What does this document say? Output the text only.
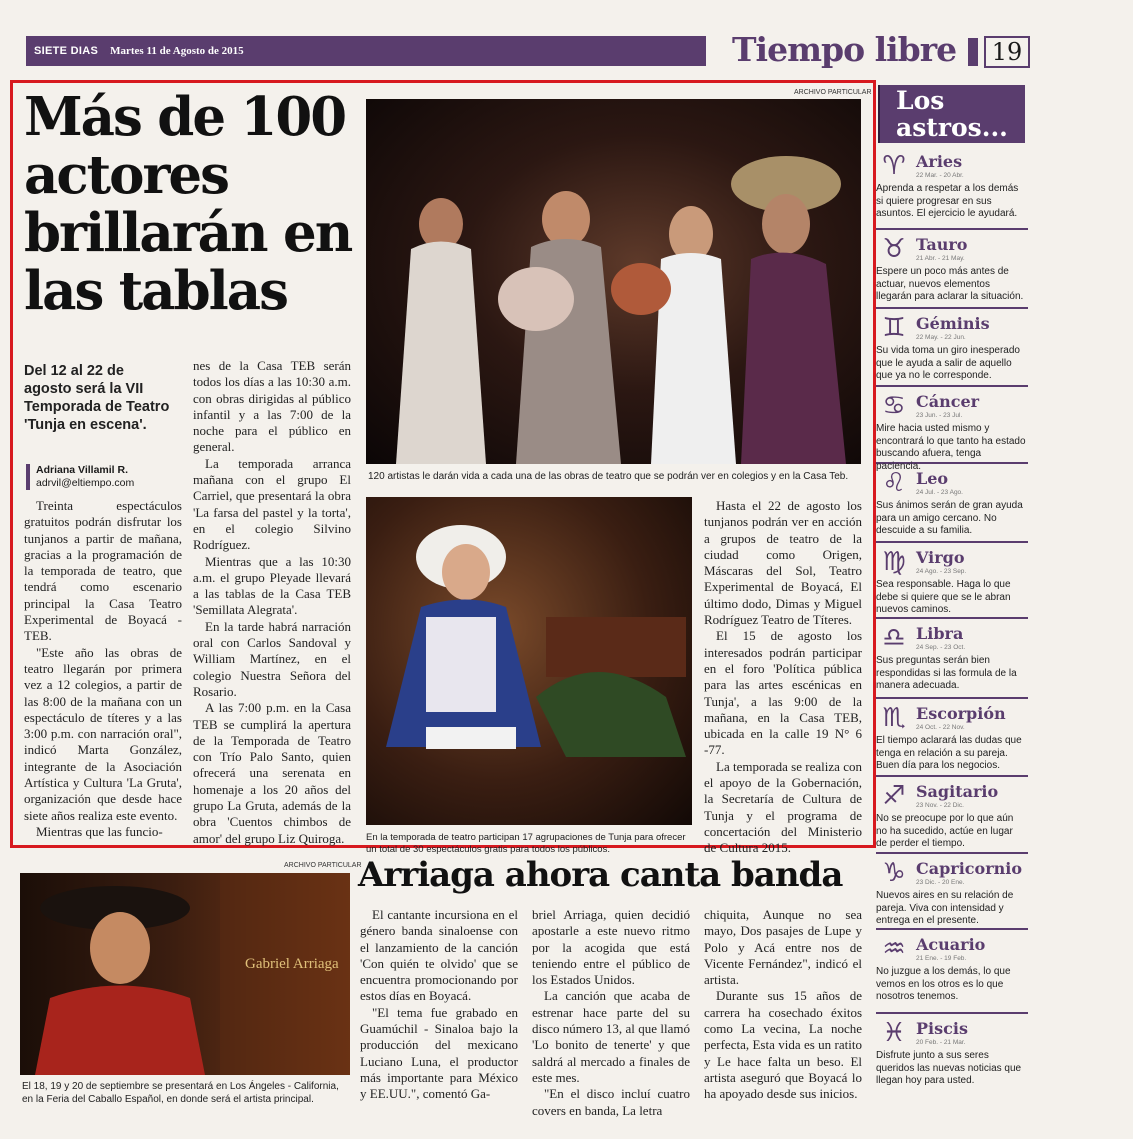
SIETE DIAS Martes 11 de Agosto de 2015	Tiempo libre	19
Más de 100 actores brillarán en las tablas
Del 12 al 22 de agosto será la VII Temporada de Teatro 'Tunja en escena'.
Adriana Villamil R.
adrvil@eltiempo.com

Treinta espectáculos gratuitos podrán disfrutar los tunjanos a partir de mañana, gracias a la programación de la temporada de teatro, que tendrá como escenario principal la Casa Teatro Experimental de Boyacá - TEB.

"Este año las obras de teatro llegarán por primera vez a 12 colegios, a partir de las 8:00 de la mañana con un espectáculo de títeres y a las 3:00 p.m. con narración oral", indicó Marta González, integrante de la Asociación Artística y Cultura 'La Gruta', organización que desde hace siete años realiza este evento.

Mientras que las funcio-

nes de la Casa TEB serán todos los días a las 10:30 a.m. con obras dirigidas al público infantil y a las 7:00 de la noche para el público en general.

La temporada arranca mañana con el grupo El Carriel, que presentará la obra 'La farsa del pastel y la torta', en el colegio Silvino Rodríguez.

Mientras que a las 10:30 a.m. el grupo Pleyade llevará a las tablas de la Casa TEB 'Semillata Alegrata'.

En la tarde habrá narración oral con Carlos Sandoval y William Martínez, en el colegio Nuestra Señora del Rosario.

A las 7:00 p.m. en la Casa TEB se cumplirá la apertura de la Temporada de Teatro con Trío Palo Santo, quien ofrecerá una serenata en homenaje a los 20 años del grupo La Gruta, además de la obra 'Cuentos chimbos de amor' del grupo Liz Quiroga.

ARCHIVO PARTICULAR
120 artistas le darán vida a cada una de las obras de teatro que se podrán ver en colegios y en la Casa Teb.
En la temporada de teatro participan 17 agrupaciones de Tunja para ofrecer un total de 30 espectáculos gratis para todos los públicos.

Hasta el 22 de agosto los tunjanos podrán ver en acción a grupos de teatro de la ciudad como Origen, Máscaras del Sol, Teatro Experimental de Boyacá, El último dodo, Dimas y Miguel Rodríguez Teatro de Títeres.

El 15 de agosto los interesados podrán participar en el foro 'Política pública para las artes escénicas en Tunja', a las 9:00 de la mañana, en la Casa TEB, ubicada en la calle 19 N° 6 -77.

La temporada se realiza con el apoyo de la Gobernación, la Secretaría de Cultura de Tunja y el programa de concertación del Ministerio de Cultura 2015.

ARCHIVO PARTICULAR
Gabriel Arriaga
El 18, 19 y 20 de septiembre se presentará en Los Ángeles - California, en la Feria del Caballo Español, en donde será el artista principal.
Arriaga ahora canta banda

El cantante incursiona en el género banda sinaloense con el lanzamiento de la canción 'Con quién te olvido' que se encuentra promocionando por estos días en Boyacá.

"El tema fue grabado en Guamúchil - Sinaloa bajo la producción del mexicano Luciano Luna, el productor más importante para México y EE.UU.", comentó Ga-

briel Arriaga, quien decidió apostarle a este nuevo ritmo por la acogida que está teniendo entre el público de los Estados Unidos.

La canción que acaba de estrenar hace parte del su disco número 13, al que llamó 'Lo bonito de tenerte' y que saldrá al mercado a finales de este mes.

"En el disco incluí cuatro covers en banda, La letra

chiquita, Aunque no sea mayo, Dos pasajes de Lupe y Polo y Acá entre nos de Vicente Fernández", indicó el artista.

Durante sus 15 años de carrera ha cosechado éxitos como La vecina, La noche perfecta, Esta vida es un ratito y Le hace falta un beso. El artista aseguró que Boyacá lo ha apoyado desde sus inicios.

Los astros...
♈ Aries
22 Mar. - 20 Abr.
Aprenda a respetar a los demás si quiere progresar en sus asuntos. El ejercicio le ayudará.
♉ Tauro
21 Abr. - 21 May.
Espere un poco más antes de actuar, nuevos elementos llegarán para aclarar la situación.
♊ Géminis
22 May. - 22 Jun.
Su vida toma un giro inesperado que le ayuda a salir de aquello que ya no le corresponde.
♋ Cáncer
23 Jun. - 23 Jul.
Mire hacia usted mismo y encontrará lo que tanto ha estado buscando afuera, tenga paciencia.
♌ Leo
24 Jul. - 23 Ago.
Sus ánimos serán de gran ayuda para un amigo cercano. No descuide a su familia.
♍ Virgo
24 Ago. - 23 Sep.
Sea responsable. Haga lo que debe si quiere que se le abran nuevos caminos.
♎ Libra
24 Sep. - 23 Oct.
Sus preguntas serán bien respondidas si las formula de la manera adecuada.
♏ Escorpión
24 Oct. - 22 Nov.
El tiempo aclarará las dudas que tenga en relación a su pareja. Buen día para los negocios.
♐ Sagitario
23 Nov. - 22 Dic.
No se preocupe por lo que aún no ha sucedido, actúe en lugar de perder el tiempo.
♑ Capricornio
23 Dic. - 20 Ene.
Nuevos aires en su relación de pareja. Viva con intensidad y entrega en el presente.
♒ Acuario
21 Ene. - 19 Feb.
No juzgue a los demás, lo que vemos en los otros es lo que nosotros tenemos.
♓ Piscis
20 Feb. - 21 Mar.
Disfrute junto a sus seres queridos las nuevas noticias que llegan hoy para usted.
